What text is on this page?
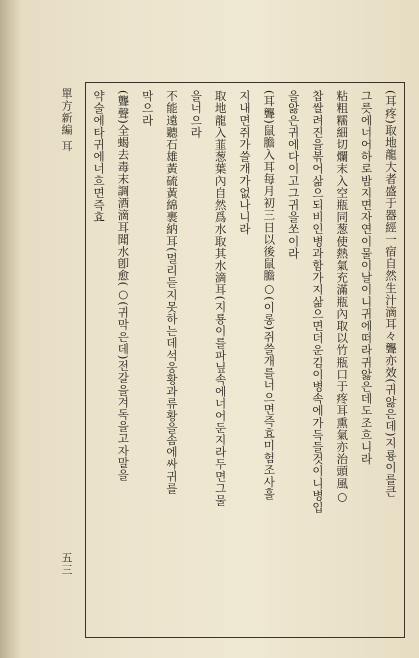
(耳疼)取地龍大者盛于器經一宿自然生汁滴耳々聾亦效(귀앓은데)지룡이를큰
그릇에너어하로밤지면자연이물이날이니귀에떠라귀앓은데도조흐니라
粘粗糯細切爛末入空瓶同葱使熱氣充滿瓶內取以竹瓶口于疼耳熏氣亦治頭風○
찹쌀려진을볶어삶으되비인병과함가지삶으면더운김이병속에가득들것이니병입
을앓은귀에다이고그귀을쏘이라
(耳聾)鼠膽入耳每月初三日以後鼠膽○(이롱)쥐쓸개를너으면즉효미험조사흘
지내면쥐가쓸개가없나니라
取地龍入韮葱葉內自然爲水取其水滴耳(지룡이를파닢속에너어둔지라두면그물
을너으라
不能遠聽石雄黃硫黃綿裹納耳(멀리듣지못하는데석웅황과류황을솜에싸귀를
막으라
(聾聲)全蝎去毒末調酒滴耳聞水卽愈(○(귀막은데)전갈을겨독을고자말을
약술에타귀에너흐면즉효
單方新編 耳
五三
